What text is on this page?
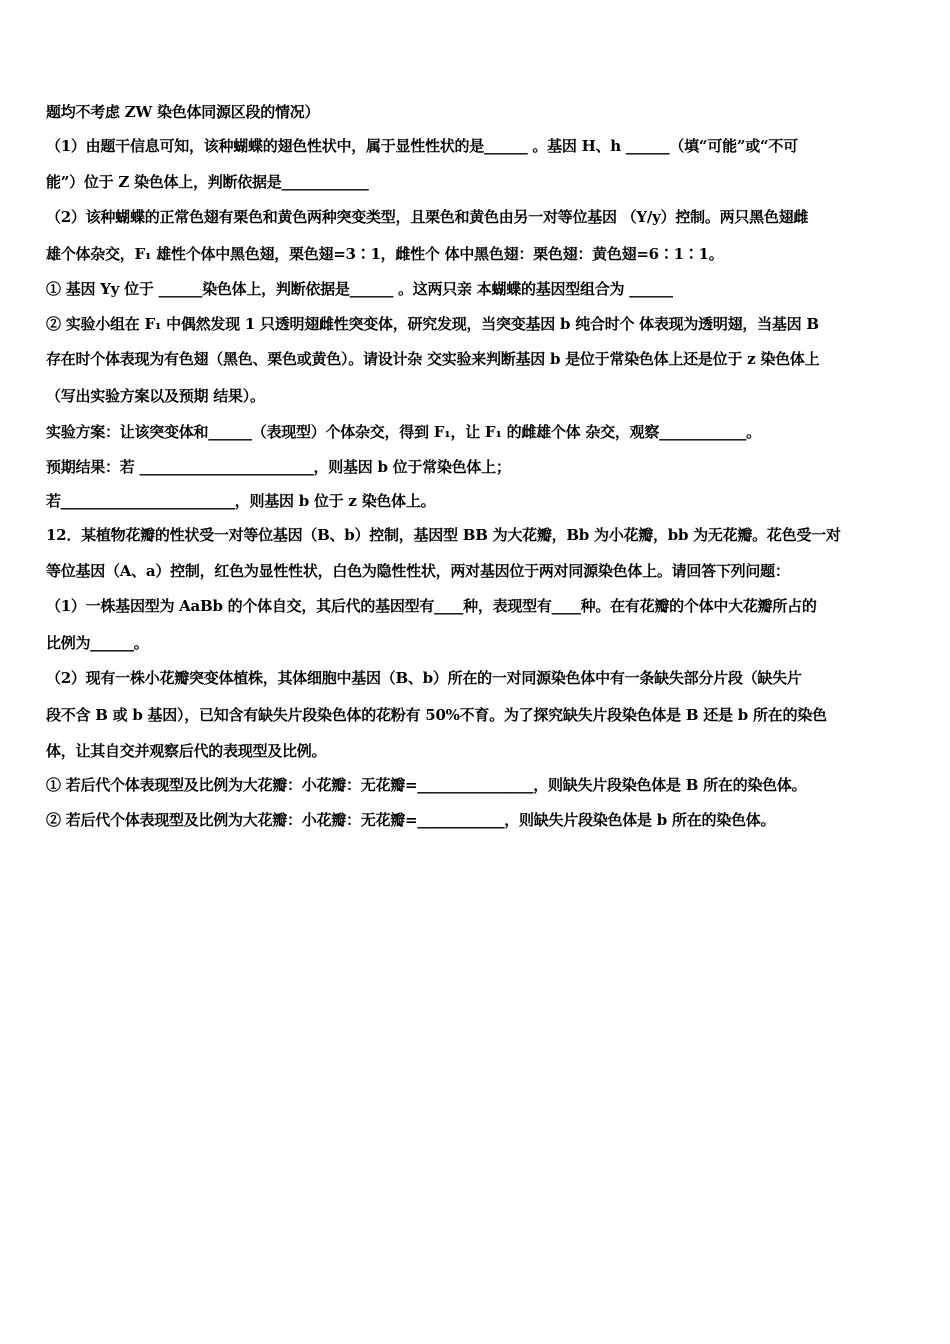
题均不考虑 ZW 染色体同源区段的情况）
（1）由题干信息可知，该种蝴蝶的翅色性状中，属于显性性状的是______ 。基因 H、h ______（填“可能”或“不可
能”）位于 Z 染色体上，判断依据是____________
（2）该种蝴蝶的正常色翅有栗色和黄色两种突变类型，且栗色和黄色由另一对等位基因 （Y/y）控制。两只黑色翅雌
雄个体杂交，F₁ 雄性个体中黑色翅，栗色翅=3∶1，雌性个 体中黑色翅：栗色翅：黄色翅=6∶1∶1。
① 基因 Yy 位于 ______染色体上，判断依据是______ 。这两只亲 本蝴蝶的基因型组合为 ______
② 实验小组在 F₁ 中偶然发现 1 只透明翅雌性突变体，研究发现，当突变基因 b 纯合时个 体表现为透明翅，当基因 B
存在时个体表现为有色翅（黑色、栗色或黄色）。请设计杂 交实验来判断基因 b 是位于常染色体上还是位于 z 染色体上
（写出实验方案以及预期 结果）。
实验方案：让该突变体和______（表现型）个体杂交，得到 F₁，让 F₁ 的雌雄个体 杂交，观察____________。
预期结果：若 ________________________，则基因 b 位于常染色体上；
若________________________，则基因 b 位于 z 染色体上。
12．某植物花瓣的性状受一对等位基因（B、b）控制，基因型 BB 为大花瓣，Bb 为小花瓣，bb 为无花瓣。花色受一对
等位基因（A、a）控制，红色为显性性状，白色为隐性性状，两对基因位于两对同源染色体上。请回答下列问题：
（1）一株基因型为 AaBb 的个体自交，其后代的基因型有____种，表现型有____种。在有花瓣的个体中大花瓣所占的
比例为______。
（2）现有一株小花瓣突变体植株，其体细胞中基因（B、b）所在的一对同源染色体中有一条缺失部分片段（缺失片
段不含 B 或 b 基因），已知含有缺失片段染色体的花粉有 50%不育。为了探究缺失片段染色体是 B 还是 b 所在的染色
体，让其自交并观察后代的表现型及比例。
① 若后代个体表现型及比例为大花瓣：小花瓣：无花瓣=________________，则缺失片段染色体是 B 所在的染色体。
② 若后代个体表现型及比例为大花瓣：小花瓣：无花瓣=____________，则缺失片段染色体是 b 所在的染色体。
